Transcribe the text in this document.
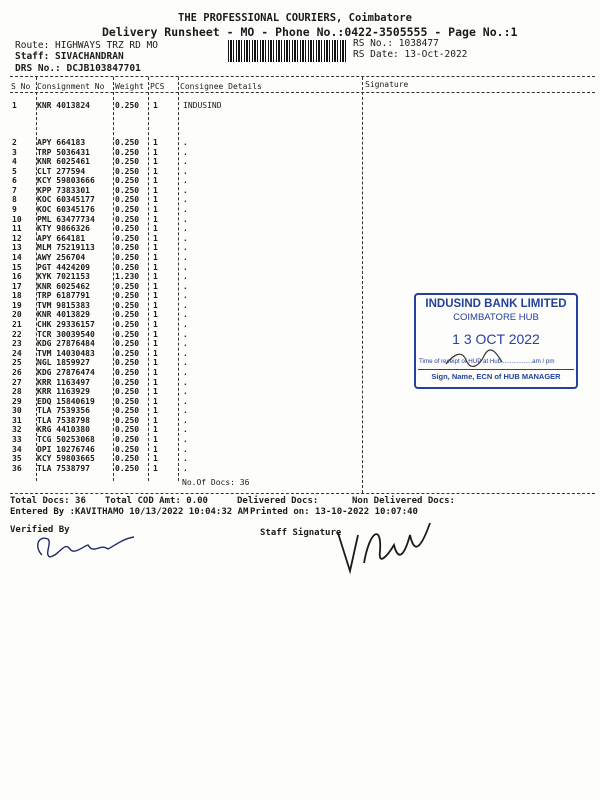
THE PROFESSIONAL COURIERS, Coimbatore
Delivery Runsheet - MO - Phone No.:0422-3505555 - Page No.:1
Route: HIGHWAYS TRZ RD MO
Staff: SIVACHANDRAN
DRS No.: DCJB103847701
RS No.: 1038477
RS Date: 13-Oct-2022
S No Consignment No Weight PCS Consignee Details	Signature
1	KNR 4013824	0.250 1	INDUSIND
2	APY 664183	0.250 1	.
3	TRP 5036431	0.250 1	.
4	KNR 6025461	0.250 1	.
5	CLT 277594	0.250 1	.
6	KCY 59803666	0.250 1	.
7	KPP 7383301	0.250 1	.
8	KOC 60345177	0.250 1	.
9	KOC 60345176	0.250 1	.
10 PML 63477734	0.250 1	.
11 KTY 9866326	0.250 1	.
12 APY 664181	0.250 1	.
13 MLM 75219113	0.250 1	.
14 AWY 256704	0.250 1	.
15 PGT 4424209	0.250 1	.
16 KYK 7021153	1.230 1	.
17 KNR 6025462	0.250 1	.
18 TRP 6187791	0.250 1	.
19 TVM 9815383	0.250 1	.
20 KNR 4013829	0.250 1	.
21 CHK 29336157	0.250 1	.
22 TCR 30039540	0.250 1	.
23 KDG 27876484	0.250 1	.
24 TVM 14030483	0.250 1	.
25 NGL 1859927	0.250 1	.
26 KDG 27876474	0.250 1	.
27 KRR 1163497	0.250 1	.
28 KRR 1163929	0.250 1	.
29 EDQ 15840619	0.250 1	.
30 TLA 7539356	0.250 1	.
31 TLA 7538798	0.250 1	.
32 KRG 4410380	0.250 1	.
33 TCG 50253068	0.250 1	.
34 DPI 10276746	0.250 1	.
35 KCY 59803665	0.250 1	.
36 TLA 7538797	0.250 1	.
No.Of Docs: 36
INDUSIND BANK LIMITED
COIMBATORE HUB
1 3 OCT 2022
Time of receipt of HUP at Hub..................am / pm
Sign, Name, ECN of HUB MANAGER
Total Docs: 36 Total COD Amt: 0.00	Delivered Docs:	Non Delivered Docs:
Entered By :KAVITHAMO 10/13/2022 10:04:32 AM Printed on: 13-10-2022 10:07:40
Verified By	Staff Signature
